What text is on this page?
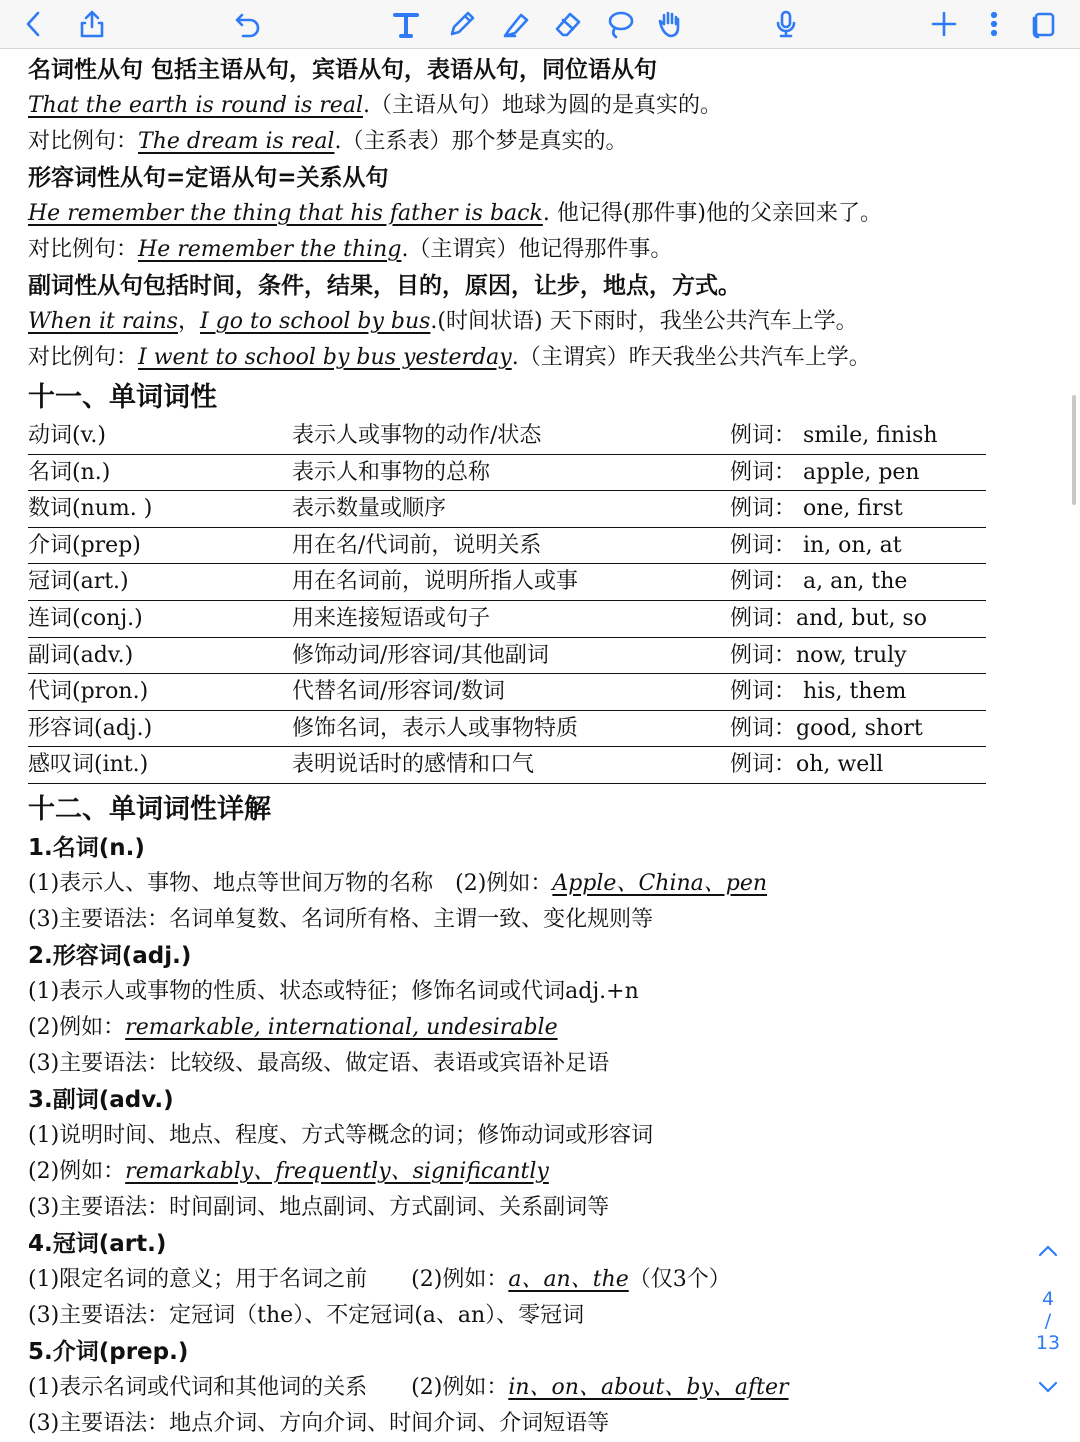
名词性从句 包括主语从句，宾语从句，表语从句，同位语从句
That the earth is round is real.（主语从句）地球为圆的是真实的。
对比例句：The dream is real.（主系表）那个梦是真实的。
形容词性从句=定语从句=关系从句
He remember the thing that his father is back. 他记得(那件事)他的父亲回来了。
对比例句：He remember the thing.（主谓宾）他记得那件事。
副词性从句包括时间，条件，结果，目的，原因，让步，地点，方式。
When it rains，I go to school by bus.(时间状语) 天下雨时，我坐公共汽车上学。
对比例句：I went to school by bus yesterday.（主谓宾）昨天我坐公共汽车上学。
十一、单词词性
动词(v.)	表示人或事物的动作/状态	例词： smile, finish
名词(n.)	表示人和事物的总称	例词： apple, pen
数词(num. )	表示数量或顺序	例词： one, first
介词(prep)	用在名/代词前，说明关系	例词： in, on, at
冠词(art.)	用在名词前，说明所指人或事	例词： a, an, the
连词(conj.)	用来连接短语或句子	例词：and, but, so
副词(adv.)	修饰动词/形容词/其他副词	例词：now, truly
代词(pron.)	代替名词/形容词/数词	例词： his, them
形容词(adj.)	修饰名词，表示人或事物特质	例词：good, short
感叹词(int.)	表明说话时的感情和口气	例词：oh, well
十二、单词词性详解
1.名词(n.)
(1)表示人、事物、地点等世间万物的名称　(2)例如：Apple、China、pen
(3)主要语法：名词单复数、名词所有格、主谓一致、变化规则等
2.形容词(adj.)
(1)表示人或事物的性质、状态或特征；修饰名词或代词adj.+n
(2)例如：remarkable, international, undesirable
(3)主要语法：比较级、最高级、做定语、表语或宾语补足语
3.副词(adv.)
(1)说明时间、地点、程度、方式等概念的词；修饰动词或形容词
(2)例如：remarkably、frequently、significantly
(3)主要语法：时间副词、地点副词、方式副词、关系副词等
4.冠词(art.)
(1)限定名词的意义；用于名词之前　　(2)例如：a、an、the（仅3个）
(3)主要语法：定冠词（the）、不定冠词(a、an）、零冠词
5.介词(prep.)
(1)表示名词或代词和其他词的关系　　(2)例如：in、on、about、by、after
(3)主要语法：地点介词、方向介词、时间介词、介词短语等
4
/
13
